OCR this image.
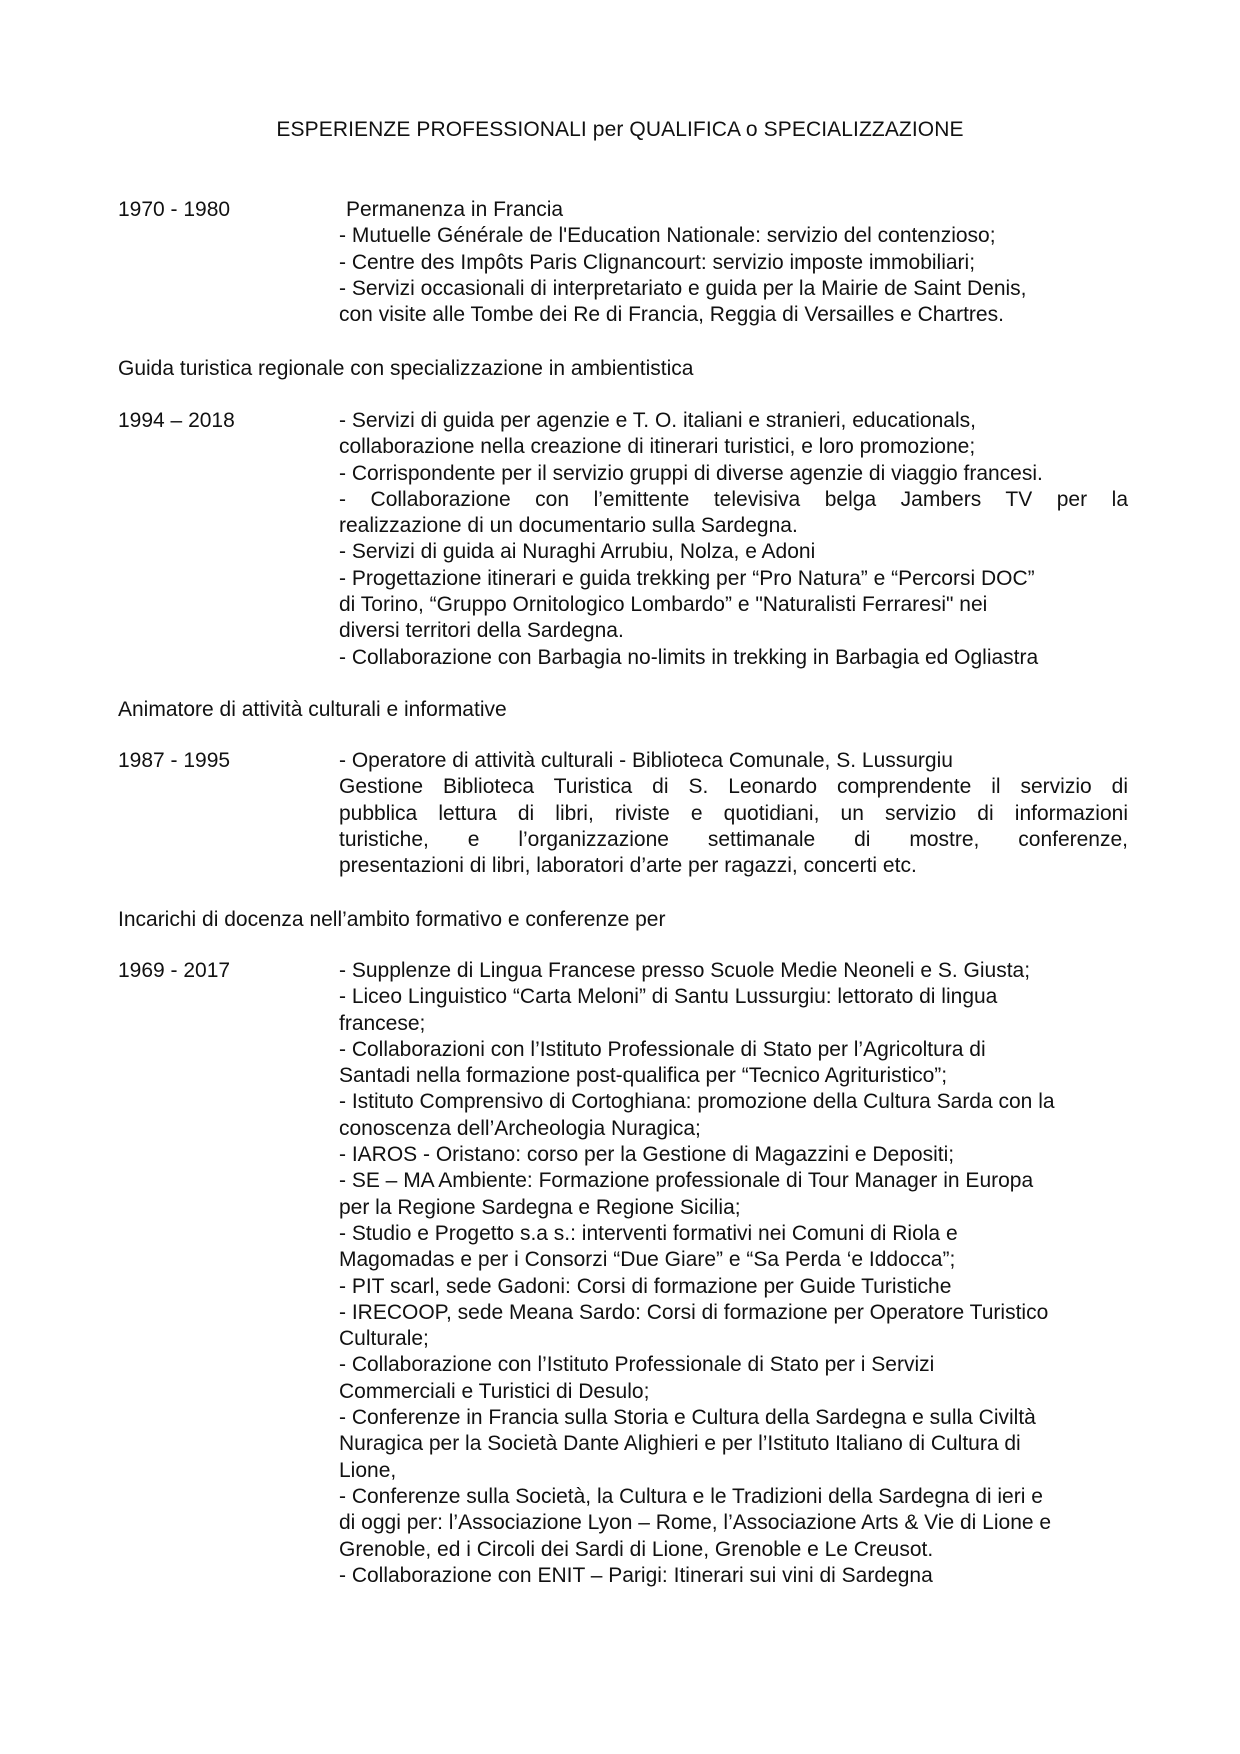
ESPERIENZE PROFESSIONALI per QUALIFICA o SPECIALIZZAZIONE
1970 - 1980	Permanenza in Francia
- Mutuelle Générale de l'Education Nationale: servizio del contenzioso;
- Centre des Impôts Paris Clignancourt: servizio imposte immobiliari;
- Servizi occasionali di interpretariato e guida per la Mairie de Saint Denis,
con visite alle Tombe dei Re di Francia, Reggia di Versailles e Chartres.
Guida turistica regionale con specializzazione in ambientistica
1994 – 2018	- Servizi di guida per agenzie e T. O. italiani e stranieri, educationals,
collaborazione nella creazione di itinerari turistici, e loro promozione;
- Corrispondente per il servizio gruppi di diverse agenzie di viaggio francesi.
- Collaborazione con l’emittente televisiva belga Jambers TV per la
realizzazione di un documentario sulla Sardegna.
- Servizi di guida ai Nuraghi Arrubiu, Nolza, e Adoni
- Progettazione itinerari e guida trekking per “Pro Natura” e “Percorsi DOC”
di Torino, “Gruppo Ornitologico Lombardo” e "Naturalisti Ferraresi" nei
diversi territori della Sardegna.
- Collaborazione con Barbagia no-limits in trekking in Barbagia ed Ogliastra
Animatore di attività culturali e informative
1987 - 1995	- Operatore di attività culturali - Biblioteca Comunale, S. Lussurgiu
Gestione Biblioteca Turistica di S. Leonardo comprendente il servizio di
pubblica lettura di libri, riviste e quotidiani, un servizio di informazioni
turistiche, e l’organizzazione settimanale di mostre, conferenze,
presentazioni di libri, laboratori d’arte per ragazzi, concerti etc.
Incarichi di docenza nell’ambito formativo e conferenze per
1969 - 2017	- Supplenze di Lingua Francese presso Scuole Medie Neoneli e S. Giusta;
- Liceo Linguistico “Carta Meloni” di Santu Lussurgiu: lettorato di lingua
francese;
- Collaborazioni con l’Istituto Professionale di Stato per l’Agricoltura di
Santadi nella formazione post-qualifica per “Tecnico Agrituristico”;
- Istituto Comprensivo di Cortoghiana: promozione della Cultura Sarda con la
conoscenza dell’Archeologia Nuragica;
- IAROS - Oristano: corso per la Gestione di Magazzini e Depositi;
- SE – MA Ambiente: Formazione professionale di Tour Manager in Europa
per la Regione Sardegna e Regione Sicilia;
- Studio e Progetto s.a s.: interventi formativi nei Comuni di Riola e
Magomadas e per i Consorzi “Due Giare” e “Sa Perda ‘e Iddocca”;
- PIT scarl, sede Gadoni: Corsi di formazione per Guide Turistiche
- IRECOOP, sede Meana Sardo: Corsi di formazione per Operatore Turistico
Culturale;
- Collaborazione con l’Istituto Professionale di Stato per i Servizi
Commerciali e Turistici di Desulo;
- Conferenze in Francia sulla Storia e Cultura della Sardegna e sulla Civiltà
Nuragica per la Società Dante Alighieri e per l’Istituto Italiano di Cultura di
Lione,
- Conferenze sulla Società, la Cultura e le Tradizioni della Sardegna di ieri e
di oggi per: l’Associazione Lyon – Rome, l’Associazione Arts & Vie di Lione e
Grenoble, ed i Circoli dei Sardi di Lione, Grenoble e Le Creusot.
- Collaborazione con ENIT – Parigi: Itinerari sui vini di Sardegna
